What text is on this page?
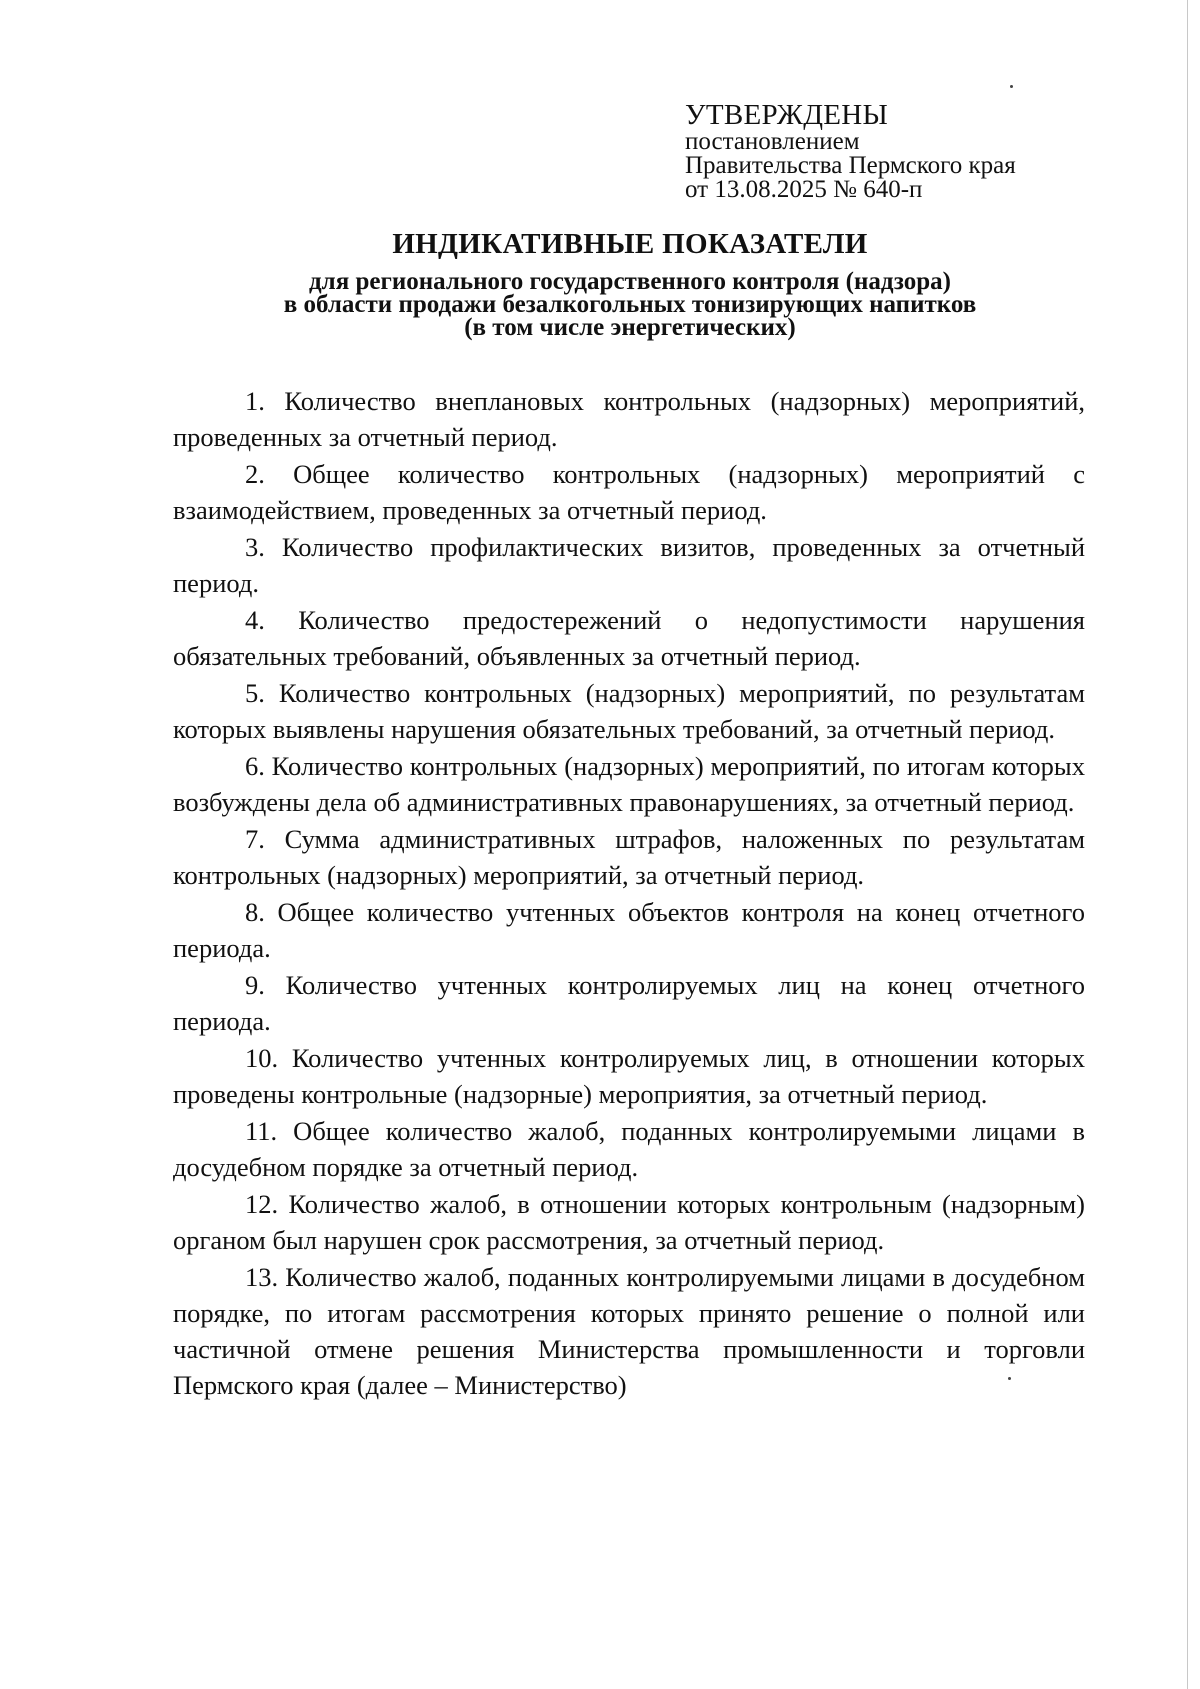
УТВЕРЖДЕНЫ
постановлением
Правительства Пермского края
от 13.08.2025 № 640-п
ИНДИКАТИВНЫЕ ПОКАЗАТЕЛИ
для регионального государственного контроля (надзора)
в области продажи безалкогольных тонизирующих напитков
(в том числе энергетических)

1. Количество внеплановых контрольных (надзорных) мероприятий, проведенных за отчетный период.

2. Общее количество контрольных (надзорных) мероприятий с взаимодействием, проведенных за отчетный период.

3. Количество профилактических визитов, проведенных за отчетный период.

4. Количество предостережений о недопустимости нарушения обязательных требований, объявленных за отчетный период.

5. Количество контрольных (надзорных) мероприятий, по результатам которых выявлены нарушения обязательных требований, за отчетный период.

6. Количество контрольных (надзорных) мероприятий, по итогам которых возбуждены дела об административных правонарушениях, за отчетный период.

7. Сумма административных штрафов, наложенных по результатам контрольных (надзорных) мероприятий, за отчетный период.

8. Общее количество учтенных объектов контроля на конец отчетного периода.

9. Количество учтенных контролируемых лиц на конец отчетного периода.

10. Количество учтенных контролируемых лиц, в отношении которых проведены контрольные (надзорные) мероприятия, за отчетный период.

11. Общее количество жалоб, поданных контролируемыми лицами в досудебном порядке за отчетный период.

12. Количество жалоб, в отношении которых контрольным (надзорным) органом был нарушен срок рассмотрения, за отчетный период.

13. Количество жалоб, поданных контролируемыми лицами в досудебном порядке, по итогам рассмотрения которых принято решение о полной или частичной отмене решения Министерства промышленности и торговли Пермского края (далее – Министерство)
